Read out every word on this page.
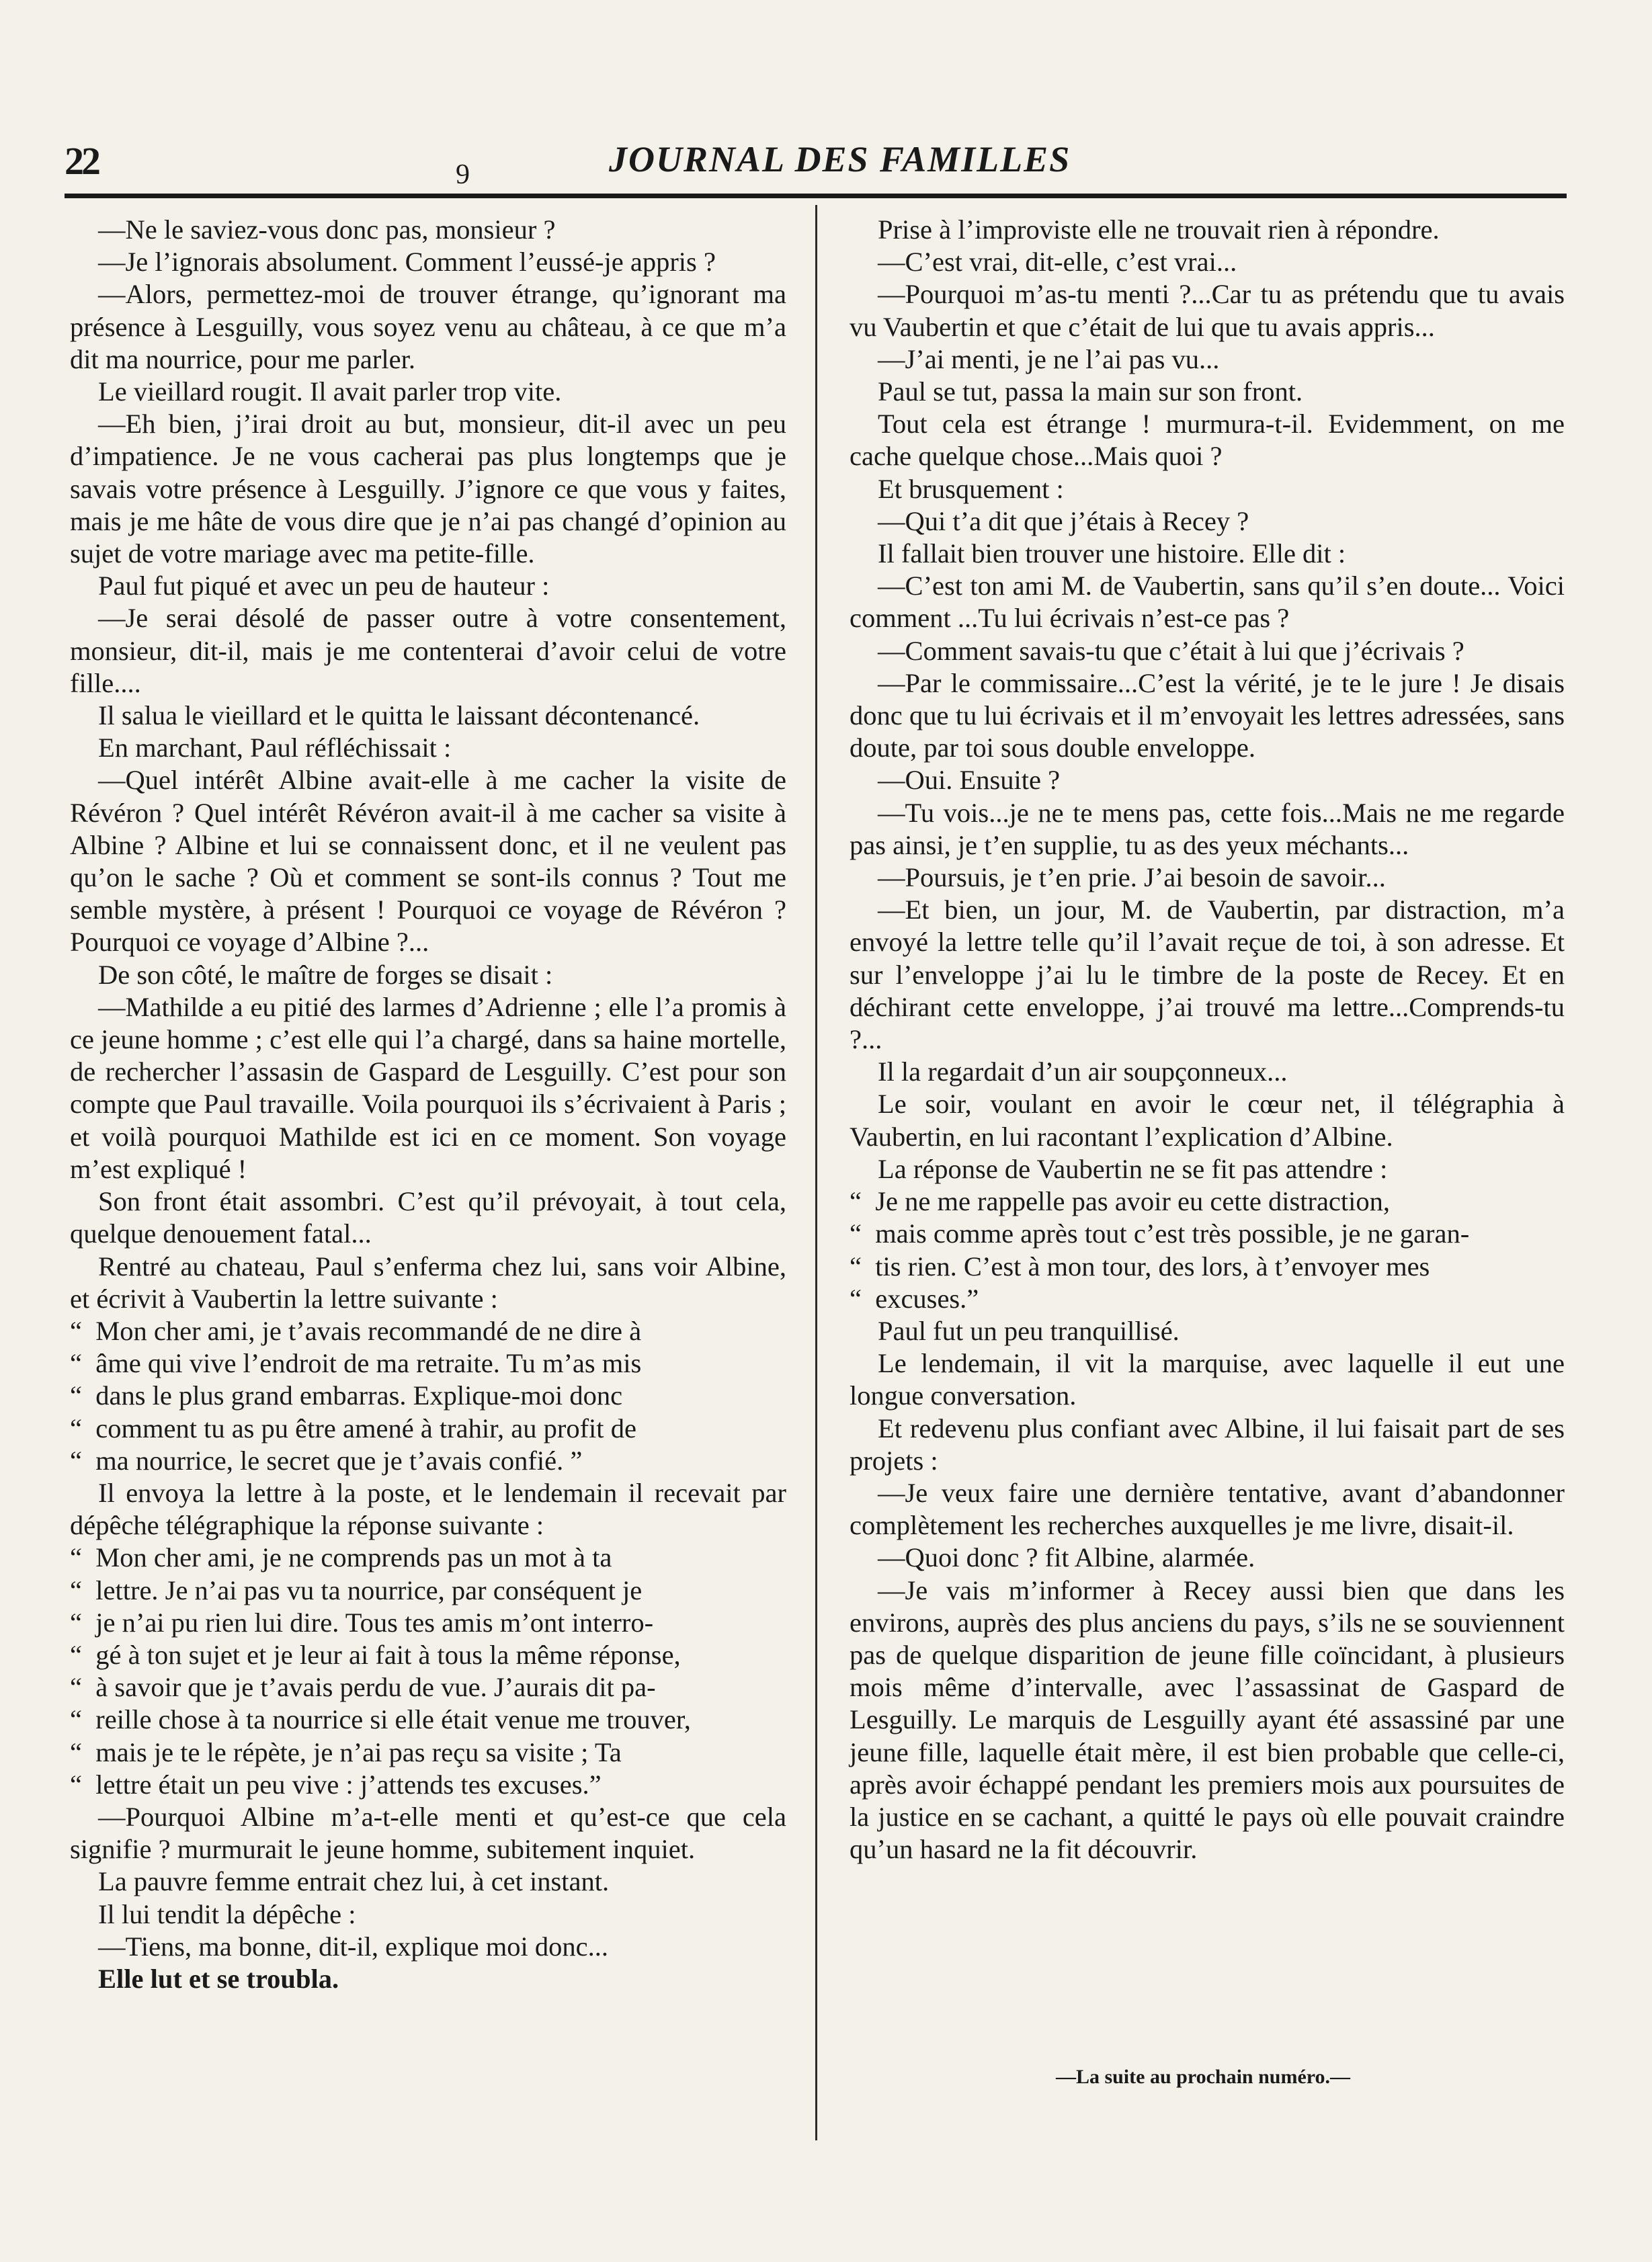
22	9	JOURNAL DES FAMILLES

—Ne le saviez-vous donc pas, monsieur ?

—Je l’ignorais absolument. Comment l’eussé-je appris ?

—Alors, permettez-moi de trouver étrange, qu’ignorant ma présence à Lesguilly, vous soyez venu au château, à ce que m’a dit ma nourrice, pour me parler.

Le vieillard rougit. Il avait parler trop vite.

—Eh bien, j’irai droit au but, monsieur, dit-il avec un peu d’impatience. Je ne vous cacherai pas plus longtemps que je savais votre présence à Lesguilly. J’ignore ce que vous y faites, mais je me hâte de vous dire que je n’ai pas changé d’opinion au sujet de votre mariage avec ma petite-fille.

Paul fut piqué et avec un peu de hauteur :

—Je serai désolé de passer outre à votre consentement, monsieur, dit-il, mais je me contenterai d’avoir celui de votre fille....

Il salua le vieillard et le quitta le laissant décontenancé.

En marchant, Paul réfléchissait :

—Quel intérêt Albine avait-elle à me cacher la visite de Révéron ? Quel intérêt Révéron avait-il à me cacher sa visite à Albine ? Albine et lui se connaissent donc, et il ne veulent pas qu’on le sache ? Où et comment se sont-ils connus ? Tout me semble mystère, à présent ! Pourquoi ce voyage de Révéron ? Pourquoi ce voyage d’Albine ?...

De son côté, le maître de forges se disait :

—Mathilde a eu pitié des larmes d’Adrienne ; elle l’a promis à ce jeune homme ; c’est elle qui l’a chargé, dans sa haine mortelle, de rechercher l’assasin de Gaspard de Lesguilly. C’est pour son compte que Paul travaille. Voila pourquoi ils s’écrivaient à Paris ; et voilà pourquoi Mathilde est ici en ce moment. Son voyage m’est expliqué !

Son front était assombri. C’est qu’il prévoyait, à tout cela, quelque denouement fatal...

Rentré au chateau, Paul s’enferma chez lui, sans voir Albine, et écrivit à Vaubertin la lettre suivante :

“  Mon cher ami, je t’avais recommandé de ne dire à
“  âme qui vive l’endroit de ma retraite. Tu m’as mis
“  dans le plus grand embarras. Explique-moi donc
“  comment tu as pu être amené à trahir, au profit de
“  ma nourrice, le secret que je t’avais confié. ”

Il envoya la lettre à la poste, et le lendemain il recevait par dépêche télégraphique la réponse suivante :

“  Mon cher ami, je ne comprends pas un mot à ta
“  lettre. Je n’ai pas vu ta nourrice, par conséquent je
“  je n’ai pu rien lui dire. Tous tes amis m’ont interro-
“  gé à ton sujet et je leur ai fait à tous la même réponse,
“  à savoir que je t’avais perdu de vue. J’aurais dit pa-
“  reille chose à ta nourrice si elle était venue me trouver,
“  mais je te le répète, je n’ai pas reçu sa visite ; Ta
“  lettre était un peu vive : j’attends tes excuses.”

—Pourquoi Albine m’a-t-elle menti et qu’est-ce que cela signifie ? murmurait le jeune homme, subitement inquiet.

La pauvre femme entrait chez lui, à cet instant.

Il lui tendit la dépêche :

—Tiens, ma bonne, dit-il, explique moi donc...

Elle lut et se troubla.

Prise à l’improviste elle ne trouvait rien à répondre.

—C’est vrai, dit-elle, c’est vrai...

—Pourquoi m’as-tu menti ?...Car tu as prétendu que tu avais vu Vaubertin et que c’était de lui que tu avais appris...

—J’ai menti, je ne l’ai pas vu...

Paul se tut, passa la main sur son front.

Tout cela est étrange ! murmura-t-il. Evidemment, on me cache quelque chose...Mais quoi ?

Et brusquement :

—Qui t’a dit que j’étais à Recey ?

Il fallait bien trouver une histoire. Elle dit :

—C’est ton ami M. de Vaubertin, sans qu’il s’en doute... Voici comment ...Tu lui écrivais n’est-ce pas ?

—Comment savais-tu que c’était à lui que j’écrivais ?

—Par le commissaire...C’est la vérité, je te le jure ! Je disais donc que tu lui écrivais et il m’envoyait les lettres adressées, sans doute, par toi sous double enveloppe.

—Oui. Ensuite ?

—Tu vois...je ne te mens pas, cette fois...Mais ne me regarde pas ainsi, je t’en supplie, tu as des yeux méchants...

—Poursuis, je t’en prie. J’ai besoin de savoir...

—Et bien, un jour, M. de Vaubertin, par distraction, m’a envoyé la lettre telle qu’il l’avait reçue de toi, à son adresse. Et sur l’enveloppe j’ai lu le timbre de la poste de Recey. Et en déchirant cette enveloppe, j’ai trouvé ma lettre...Comprends-tu ?...

Il la regardait d’un air soupçonneux...

Le soir, voulant en avoir le cœur net, il télégraphia à Vaubertin, en lui racontant l’explication d’Albine.

La réponse de Vaubertin ne se fit pas attendre :

“  Je ne me rappelle pas avoir eu cette distraction,
“  mais comme après tout c’est très possible, je ne garan-
“  tis rien. C’est à mon tour, des lors, à t’envoyer mes
“  excuses.”

Paul fut un peu tranquillisé.

Le lendemain, il vit la marquise, avec laquelle il eut une longue conversation.

Et redevenu plus confiant avec Albine, il lui faisait part de ses projets :

—Je veux faire une dernière tentative, avant d’abandonner complètement les recherches auxquelles je me livre, disait-il.

—Quoi donc ? fit Albine, alarmée.

—Je vais m’informer à Recey aussi bien que dans les environs, auprès des plus anciens du pays, s’ils ne se souviennent pas de quelque disparition de jeune fille coïncidant, à plusieurs mois même d’intervalle, avec l’assassinat de Gaspard de Lesguilly. Le marquis de Lesguilly ayant été assassiné par une jeune fille, laquelle était mère, il est bien probable que celle-ci, après avoir échappé pendant les premiers mois aux poursuites de la justice en se cachant, a quitté le pays où elle pouvait craindre qu’un hasard ne la fit découvrir.

—La suite au prochain numéro.—
